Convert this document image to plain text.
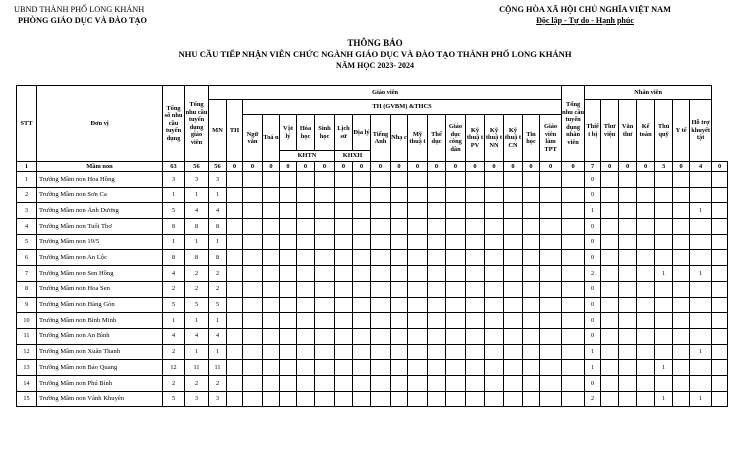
UBND THÀNH PHỐ LONG KHÁNH
PHÒNG GIÁO DỤC VÀ ĐÀO TẠO
CỘNG HÒA XÃ HỘI CHỦ NGHĨA VIỆT NAM
Độc lập - Tự do - Hạnh phúc
THÔNG BÁO
NHU CẦU TIẾP NHẬN VIÊN CHỨC NGÀNH GIÁO DỤC VÀ ĐÀO TẠO THÀNH PHỐ LONG KHÁNH
NĂM HỌC 2023- 2024
STT	Đơn vị	Tổng số nhu cầu tuyển dụng	Tổng nhu cầu tuyển dụng giáo viên	Giáo viên																			Tổng nhu cầu tuyển dụng nhân viên	Nhân viên							
				MN	TH	TH (GVBM) &THCS																		Thiế t bị	Thư viện	Văn thư	Kế toán	Thủ quỹ	Y tế	Hỗ trợ khuyết tật	
						Ngữ văn	Toá n	Vật lý	Hóa học	Sinh học	Lịch sử	Địa lý	Tiếng Anh	Nhạ c	Mỹ thuậ t	Thể dục	Giáo dục công dân	Kỹ thuậ t PV	Kỹ thuậ t NN	Kỹ thuậ t CN	Tin học	Giáo viên làm TPT									
								KHTN			KHXH																				
1	Mầm non	63	56	56	0	0	0	0	0	0	0	0	0	0	0	0	0	0	0	0	0	0	0	7	0	0	0	3	0	4	0
1	Trường Mầm non Hoa Hồng	3	3	3																				0							
2	Trường Mầm non Sơn Ca	1	1	1																				0							
3	Trường Mầm non Ánh Dương	5	4	4																				1						1	
4	Trường Mầm non Tuổi Thơ	8	8	8																				0							
5	Trường Mầm non 19/5	1	1	1																				0							
6	Trường Mầm non An Lộc	8	8	8																				0							
7	Trường Mầm non Sen Hồng	4	2	2																				2				1		1	
8	Trường Mầm non Hoa Sen	2	2	2																				0							
9	Trường Mầm non Hàng Gòn	5	5	5																				0							
10	Trường Mầm non Bình Minh	1	1	1																				0							
11	Trường Mầm non An Bình	4	4	4																				0							
12	Trường Mầm non Xuân Thanh	2	1	1																				1						1	
13	Trường Mầm non Bảo Quang	12	11	11																				1				1			
14	Trường Mầm non Phú Bình	2	2	2																				0							
15	Trường Mầm non Vành Khuyên	5	3	3																				2				1		1	
